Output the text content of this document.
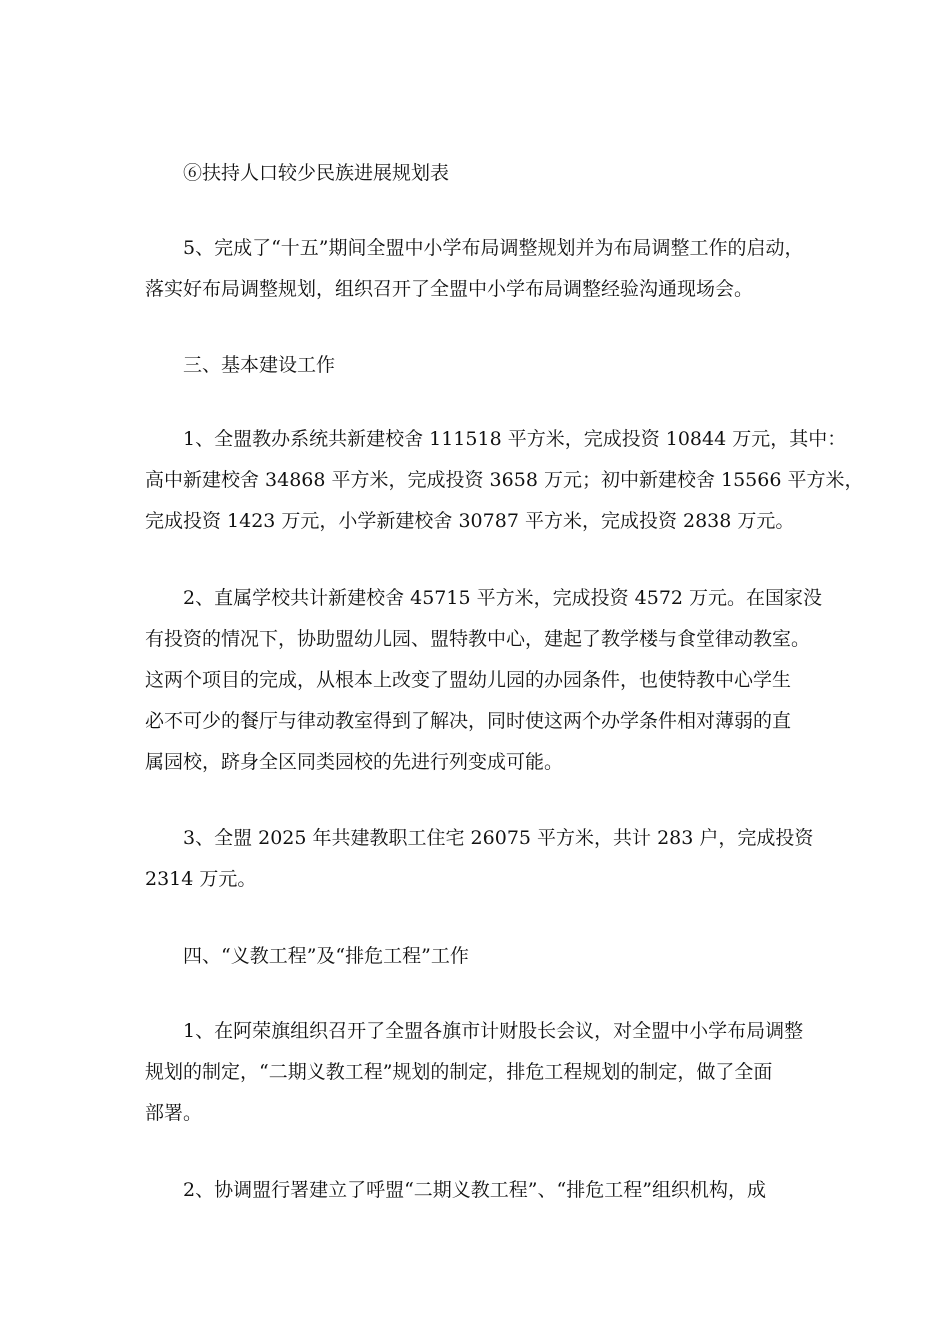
⑥扶持人口较少民族进展规划表
5、完成了“十五”期间全盟中小学布局调整规划并为布局调整工作的启动，
落实好布局调整规划，组织召开了全盟中小学布局调整经验沟通现场会。
三、基本建设工作
1、全盟教办系统共新建校舍 111518 平方米，完成投资 10844 万元，其中：
高中新建校舍 34868 平方米，完成投资 3658 万元；初中新建校舍 15566 平方米，
完成投资 1423 万元，小学新建校舍 30787 平方米，完成投资 2838 万元。
2、直属学校共计新建校舍 45715 平方米，完成投资 4572 万元。在国家没
有投资的情况下，协助盟幼儿园、盟特教中心，建起了教学楼与食堂律动教室。
这两个项目的完成，从根本上改变了盟幼儿园的办园条件，也使特教中心学生
必不可少的餐厅与律动教室得到了解决，同时使这两个办学条件相对薄弱的直
属园校，跻身全区同类园校的先进行列变成可能。
3、全盟 2025 年共建教职工住宅 26075 平方米，共计 283 户，完成投资
2314 万元。
四、“义教工程”及“排危工程”工作
1、在阿荣旗组织召开了全盟各旗市计财股长会议，对全盟中小学布局调整
规划的制定，“二期义教工程”规划的制定，排危工程规划的制定，做了全面
部署。
2、协调盟行署建立了呼盟“二期义教工程”、“排危工程”组织机构，成
